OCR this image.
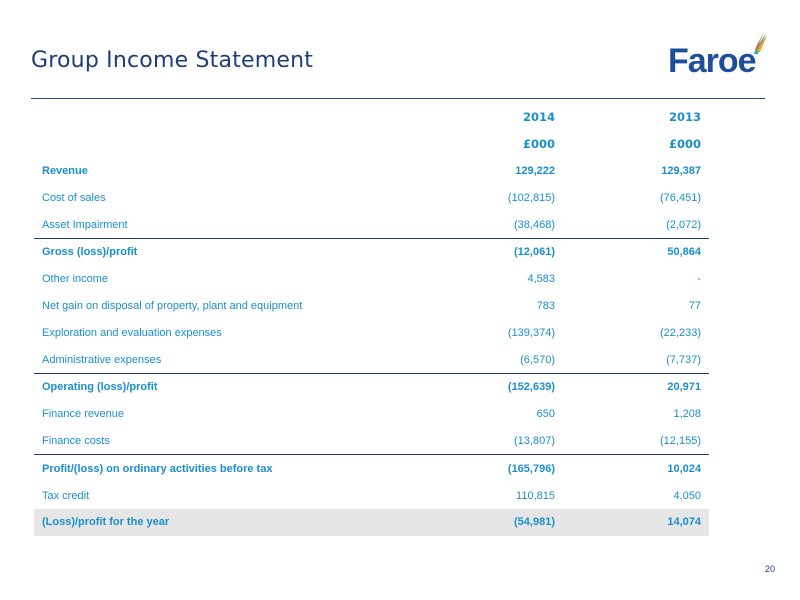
Group Income Statement	Faroe
	2014	2013
	£000	£000
Revenue	129,222	129,387
Cost of sales	(102,815)	(76,451)
Asset Impairment	(38,468)	(2,072)
Gross (loss)/profit	(12,061)	50,864
Other income	4,583	-
Net gain on disposal of property, plant and equipment	783	77
Exploration and evaluation expenses	(139,374)	(22,233)
Administrative expenses	(6,570)	(7,737)
Operating (loss)/profit	(152,639)	20,971
Finance revenue	650	1,208
Finance costs	(13,807)	(12,155)
Profit/(loss) on ordinary activities before tax	(165,796)	10,024
Tax credit	110,815	4,050
(Loss)/profit for the year	(54,981)	14,074
20
